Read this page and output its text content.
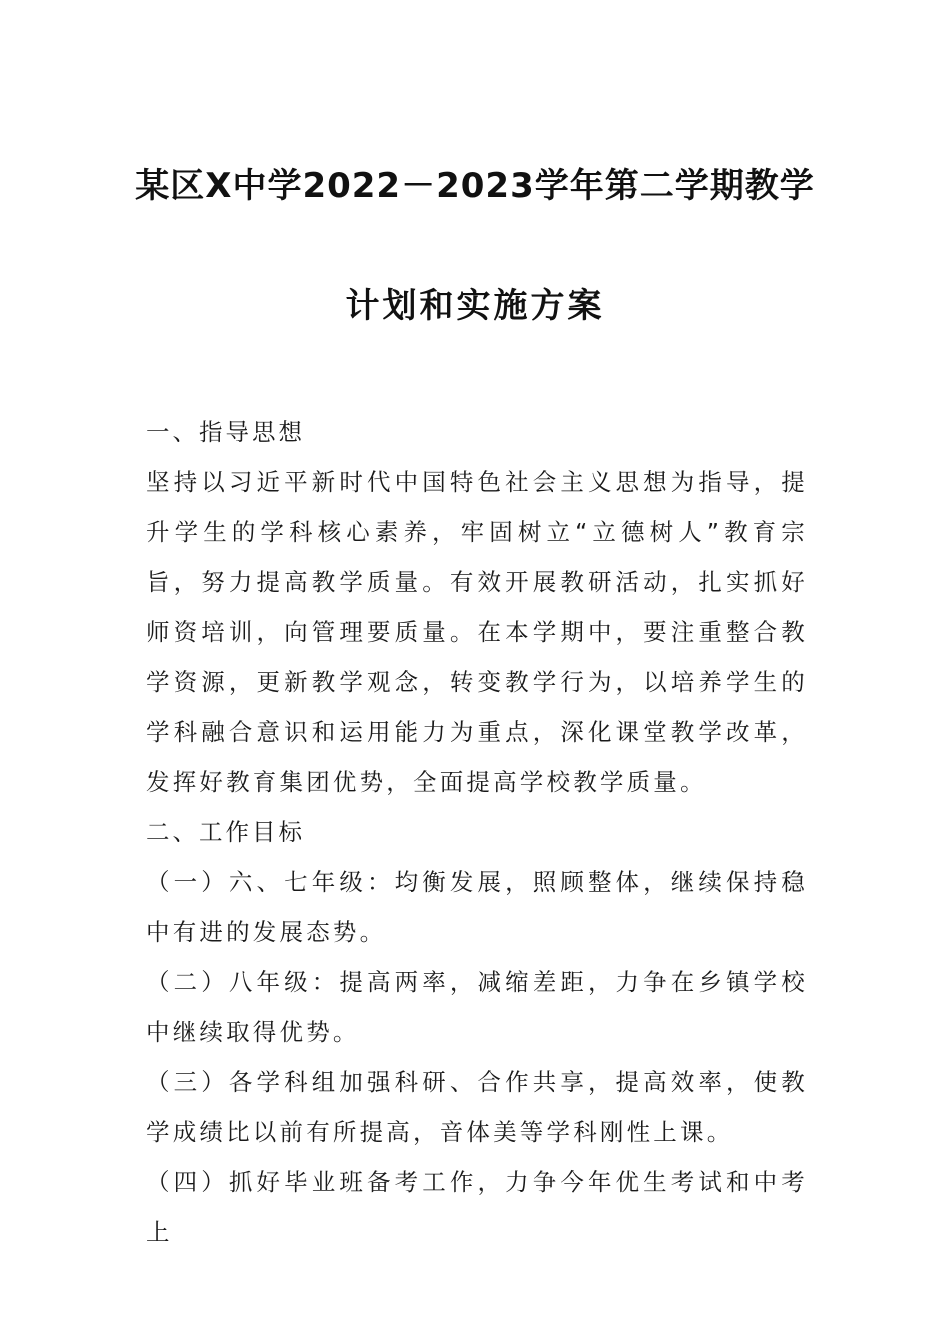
某区X中学2022－2023学年第二学期教学
计划和实施方案

一、指导思想

坚持以习近平新时代中国特色社会主义思想为指导，提升学生的学科核心素养，牢固树立“立德树人”教育宗旨，努力提高教学质量。有效开展教研活动，扎实抓好师资培训，向管理要质量。在本学期中，要注重整合教学资源，更新教学观念，转变教学行为，以培养学生的学科融合意识和运用能力为重点，深化课堂教学改革，发挥好教育集团优势，全面提高学校教学质量。

二、工作目标

（一）六、七年级：均衡发展，照顾整体，继续保持稳中有进的发展态势。

（二）八年级：提高两率，减缩差距，力争在乡镇学校中继续取得优势。

（三）各学科组加强科研、合作共享，提高效率，使教学成绩比以前有所提高，音体美等学科刚性上课。

（四）抓好毕业班备考工作，力争今年优生考试和中考上
